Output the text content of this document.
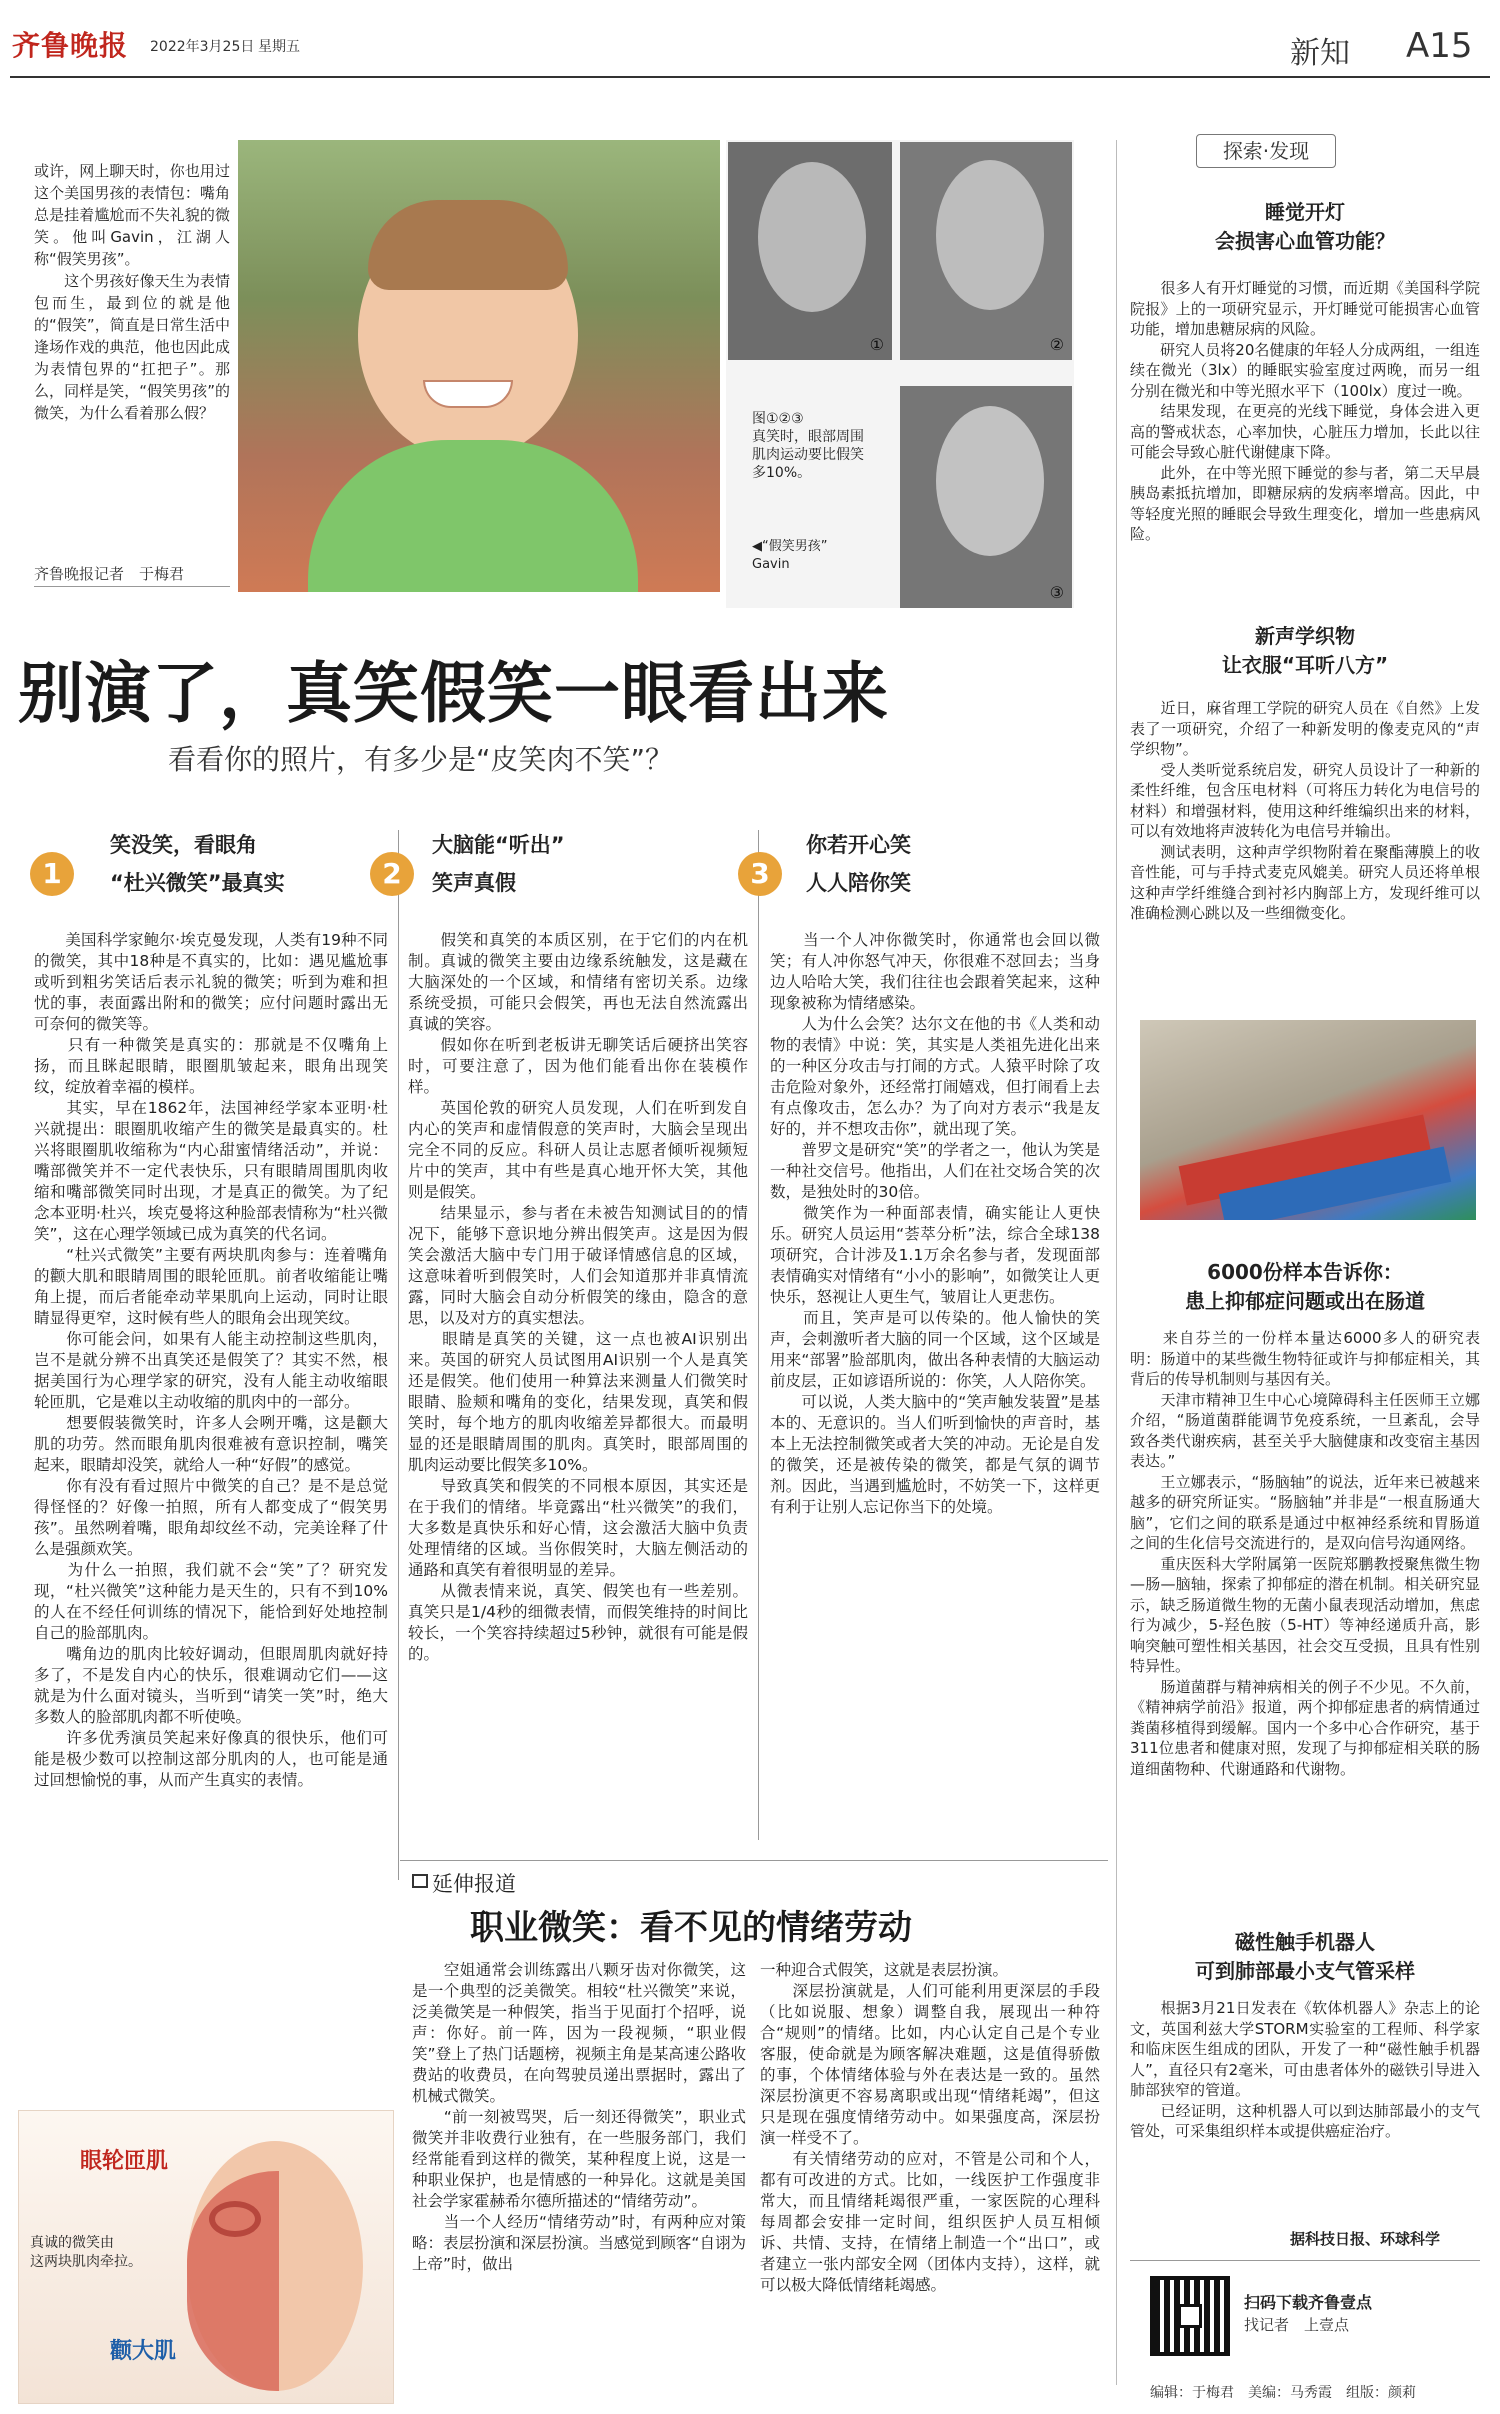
齐鲁晚报 2022年3月25日 星期五	新知 A15
或许，网上聊天时，你也用过这个美国男孩的表情包：嘴角总是挂着尴尬而不失礼貌的微笑。他叫Gavin，江湖人称“假笑男孩”。
　　这个男孩好像天生为表情包而生，最到位的就是他的“假笑”，简直是日常生活中逢场作戏的典范，他也因此成为表情包界的“扛把子”。那么，同样是笑，“假笑男孩”的微笑，为什么看着那么假？
齐鲁晚报记者　于梅君
①	②
③
图①②③
真笑时，眼部周围肌肉运动要比假笑多10%。
◀“假笑男孩”
Gavin
别演了，真笑假笑一眼看出来
看看你的照片，有多少是“皮笑肉不笑”？
1
笑没笑，看眼角
“杜兴微笑”最真实
　　美国科学家鲍尔·埃克曼发现，人类有19种不同的微笑，其中18种是不真实的，比如：遇见尴尬事或听到粗劣笑话后表示礼貌的微笑；听到为难和担忧的事，表面露出附和的微笑；应付问题时露出无可奈何的微笑等。
　　只有一种微笑是真实的：那就是不仅嘴角上扬，而且眯起眼睛，眼圈肌皱起来，眼角出现笑纹，绽放着幸福的模样。
　　其实，早在1862年，法国神经学家本亚明·杜兴就提出：眼圈肌收缩产生的微笑是最真实的。杜兴将眼圈肌收缩称为“内心甜蜜情绪活动”，并说：嘴部微笑并不一定代表快乐，只有眼睛周围肌肉收缩和嘴部微笑同时出现，才是真正的微笑。为了纪念本亚明·杜兴，埃克曼将这种脸部表情称为“杜兴微笑”，这在心理学领域已成为真笑的代名词。
　　“杜兴式微笑”主要有两块肌肉参与：连着嘴角的颧大肌和眼睛周围的眼轮匝肌。前者收缩能让嘴角上提，而后者能牵动苹果肌向上运动，同时让眼睛显得更窄，这时候有些人的眼角会出现笑纹。
　　你可能会问，如果有人能主动控制这些肌肉，岂不是就分辨不出真笑还是假笑了？其实不然，根据美国行为心理学家的研究，没有人能主动收缩眼轮匝肌，它是难以主动收缩的肌肉中的一部分。
　　想要假装微笑时，许多人会咧开嘴，这是颧大肌的功劳。然而眼角肌肉很难被有意识控制，嘴笑起来，眼睛却没笑，就给人一种“好假”的感觉。
　　你有没有看过照片中微笑的自己？是不是总觉得怪怪的？好像一拍照，所有人都变成了“假笑男孩”。虽然咧着嘴，眼角却纹丝不动，完美诠释了什么是强颜欢笑。
　　为什么一拍照，我们就不会“笑”了？研究发现，“杜兴微笑”这种能力是天生的，只有不到10%的人在不经任何训练的情况下，能恰到好处地控制自己的脸部肌肉。
　　嘴角边的肌肉比较好调动，但眼周肌肉就好持多了，不是发自内心的快乐，很难调动它们——这就是为什么面对镜头，当听到“请笑一笑”时，绝大多数人的脸部肌肉都不听使唤。
　　许多优秀演员笑起来好像真的很快乐，他们可能是极少数可以控制这部分肌肉的人，也可能是通过回想愉悦的事，从而产生真实的表情。
2
大脑能“听出”
笑声真假
　　假笑和真笑的本质区别，在于它们的内在机制。真诚的微笑主要由边缘系统触发，这是藏在大脑深处的一个区域，和情绪有密切关系。边缘系统受损，可能只会假笑，再也无法自然流露出真诚的笑容。
　　假如你在听到老板讲无聊笑话后硬挤出笑容时，可要注意了，因为他们能看出你在装模作样。
　　英国伦敦的研究人员发现，人们在听到发自内心的笑声和虚情假意的笑声时，大脑会呈现出完全不同的反应。科研人员让志愿者倾听视频短片中的笑声，其中有些是真心地开怀大笑，其他则是假笑。
　　结果显示，参与者在未被告知测试目的的情况下，能够下意识地分辨出假笑声。这是因为假笑会激活大脑中专门用于破译情感信息的区域，这意味着听到假笑时，人们会知道那并非真情流露，同时大脑会自动分析假笑的缘由，隐含的意思，以及对方的真实想法。
　　眼睛是真笑的关键，这一点也被AI识别出来。英国的研究人员试图用AI识别一个人是真笑还是假笑。他们使用一种算法来测量人们微笑时眼睛、脸颊和嘴角的变化，结果发现，真笑和假笑时，每个地方的肌肉收缩差异都很大。而最明显的还是眼睛周围的肌肉。真笑时，眼部周围的肌肉运动要比假笑多10%。
　　导致真笑和假笑的不同根本原因，其实还是在于我们的情绪。毕竟露出“杜兴微笑”的我们，大多数是真快乐和好心情，这会激活大脑中负责处理情绪的区域。当你假笑时，大脑左侧活动的通路和真笑有着很明显的差异。
　　从微表情来说，真笑、假笑也有一些差别。真笑只是1/4秒的细微表情，而假笑维持的时间比较长，一个笑容持续超过5秒钟，就很有可能是假的。
3
你若开心笑
人人陪你笑
　　当一个人冲你微笑时，你通常也会回以微笑；有人冲你怒气冲天，你很难不怼回去；当身边人哈哈大笑，我们往往也会跟着笑起来，这种现象被称为情绪感染。
　　人为什么会笑？达尔文在他的书《人类和动物的表情》中说：笑，其实是人类祖先进化出来的一种区分攻击与打闹的方式。人猿平时除了攻击危险对象外，还经常打闹嬉戏，但打闹看上去有点像攻击，怎么办？为了向对方表示“我是友好的，并不想攻击你”，就出现了笑。
　　普罗文是研究“笑”的学者之一，他认为笑是一种社交信号。他指出，人们在社交场合笑的次数，是独处时的30倍。
　　微笑作为一种面部表情，确实能让人更快乐。研究人员运用“荟萃分析”法，综合全球138项研究，合计涉及1.1万余名参与者，发现面部表情确实对情绪有“小小的影响”，如微笑让人更快乐，怒视让人更生气，皱眉让人更悲伤。
　　而且，笑声是可以传染的。他人愉快的笑声，会刺激听者大脑的同一个区域，这个区域是用来“部署”脸部肌肉，做出各种表情的大脑运动前皮层，正如谚语所说的：你笑，人人陪你笑。
　　可以说，人类大脑中的“笑声触发装置”是基本的、无意识的。当人们听到愉快的声音时，基本上无法控制微笑或者大笑的冲动。无论是自发的微笑，还是被传染的微笑，都是气氛的调节剂。因此，当遇到尴尬时，不妨笑一下，这样更有利于让别人忘记你当下的处境。
延伸报道
职业微笑：看不见的情绪劳动
　　空姐通常会训练露出八颗牙齿对你微笑，这是一个典型的泛美微笑。相较“杜兴微笑”来说，泛美微笑是一种假笑，指当于见面打个招呼，说声：你好。前一阵，因为一段视频，“职业假笑”登上了热门话题榜，视频主角是某高速公路收费站的收费员，在向驾驶员递出票据时，露出了机械式微笑。
　　“前一刻被骂哭，后一刻还得微笑”，职业式微笑并非收费行业独有，在一些服务部门，我们经常能看到这样的微笑，某种程度上说，这是一种职业保护，也是情感的一种异化。这就是美国社会学家霍赫希尔德所描述的“情绪劳动”。
　　当一个人经历“情绪劳动”时，有两种应对策略：表层扮演和深层扮演。当感觉到顾客“自诩为上帝”时，做出
一种迎合式假笑，这就是表层扮演。
　　深层扮演就是，人们可能利用更深层的手段（比如说服、想象）调整自我，展现出一种符合“规则”的情绪。比如，内心认定自己是个专业客服，使命就是为顾客解决难题，这是值得骄傲的事，个体情绪体验与外在表达是一致的。虽然深层扮演更不容易离职或出现“情绪耗竭”，但这只是现在强度情绪劳动中。如果强度高，深层扮演一样受不了。
　　有关情绪劳动的应对，不管是公司和个人，都有可改进的方式。比如，一线医护工作强度非常大，而且情绪耗竭很严重，一家医院的心理科每周都会安排一定时间，组织医护人员互相倾诉、共情、支持，在情绪上制造一个“出口”，或者建立一张内部安全网（团体内支持），这样，就可以极大降低情绪耗竭感。
眼轮匝肌
真诚的微笑由
这两块肌肉牵拉。
颧大肌
探索·发现
睡觉开灯
会损害心血管功能？
　　很多人有开灯睡觉的习惯，而近期《美国科学院院报》上的一项研究显示，开灯睡觉可能损害心血管功能，增加患糖尿病的风险。
　　研究人员将20名健康的年轻人分成两组，一组连续在微光（3lx）的睡眠实验室度过两晚，而另一组分别在微光和中等光照水平下（100lx）度过一晚。
　　结果发现，在更亮的光线下睡觉，身体会进入更高的警戒状态，心率加快，心脏压力增加，长此以往可能会导致心脏代谢健康下降。
　　此外，在中等光照下睡觉的参与者，第二天早晨胰岛素抵抗增加，即糖尿病的发病率增高。因此，中等轻度光照的睡眠会导致生理变化，增加一些患病风险。
新声学织物
让衣服“耳听八方”
　　近日，麻省理工学院的研究人员在《自然》上发表了一项研究，介绍了一种新发明的像麦克风的“声学织物”。
　　受人类听觉系统启发，研究人员设计了一种新的柔性纤维，包含压电材料（可将压力转化为电信号的材料）和增强材料，使用这种纤维编织出来的材料，可以有效地将声波转化为电信号并输出。
　　测试表明，这种声学织物附着在聚酯薄膜上的收音性能，可与手持式麦克风媲美。研究人员还将单根这种声学纤维缝合到衬衫内胸部上方，发现纤维可以准确检测心跳以及一些细微变化。
6000份样本告诉你：
患上抑郁症问题或出在肠道
　　来自芬兰的一份样本量达6000多人的研究表明：肠道中的某些微生物特征或许与抑郁症相关，其背后的传导机制则与基因有关。
　　天津市精神卫生中心心境障碍科主任医师王立娜介绍，“肠道菌群能调节免疫系统，一旦紊乱，会导致各类代谢疾病，甚至关乎大脑健康和改变宿主基因表达。”
　　王立娜表示，“肠脑轴”的说法，近年来已被越来越多的研究所证实。“肠脑轴”并非是“一根直肠通大脑”，它们之间的联系是通过中枢神经系统和胃肠道之间的生化信号交流进行的，是双向信号沟通网络。
　　重庆医科大学附属第一医院郑鹏教授聚焦微生物—肠—脑轴，探索了抑郁症的潜在机制。相关研究显示，缺乏肠道微生物的无菌小鼠表现活动增加，焦虑行为减少，5-羟色胺（5-HT）等神经递质升高，影响突触可塑性相关基因，社会交互受损，且具有性别特异性。
　　肠道菌群与精神病相关的例子不少见。不久前，《精神病学前沿》报道，两个抑郁症患者的病情通过粪菌移植得到缓解。国内一个多中心合作研究，基于311位患者和健康对照，发现了与抑郁症相关联的肠道细菌物种、代谢通路和代谢物。
磁性触手机器人
可到肺部最小支气管采样
　　根据3月21日发表在《软体机器人》杂志上的论文，英国利兹大学STORM实验室的工程师、科学家和临床医生组成的团队，开发了一种“磁性触手机器人”，直径只有2毫米，可由患者体外的磁铁引导进入肺部狭窄的管道。
　　已经证明，这种机器人可以到达肺部最小的支气管处，可采集组织样本或提供癌症治疗。
据科技日报、环球科学
扫码下载齐鲁壹点
找记者　上壹点
编辑：于梅君　美编：马秀霞　组版：颜莉
